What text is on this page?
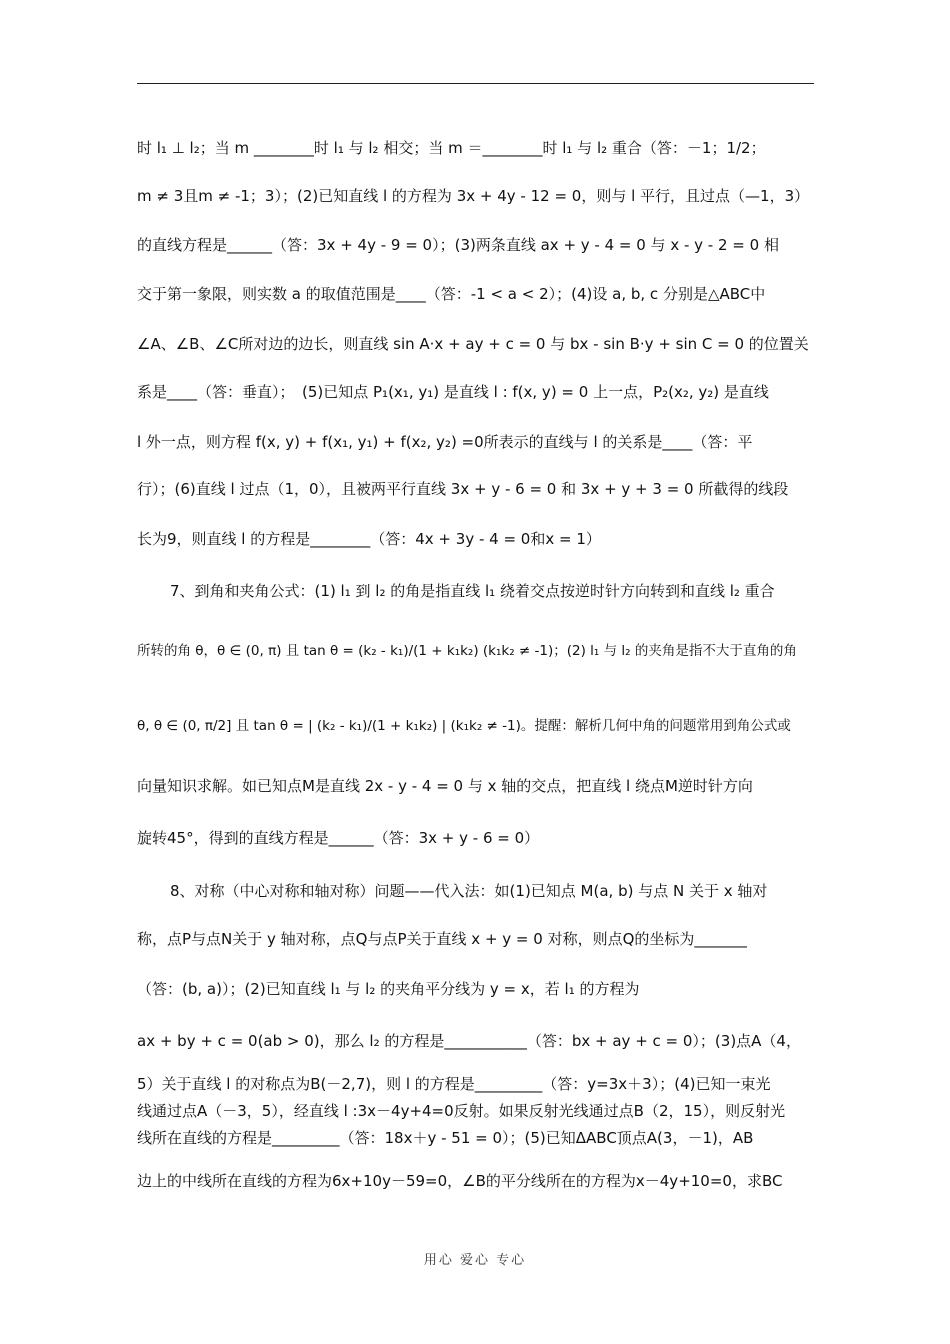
时 l₁ ⊥ l₂；当 m ________时 l₁ 与 l₂ 相交；当 m ＝________时 l₁ 与 l₂ 重合（答：－1；1/2；
m ≠ 3且m ≠ -1；3）；(2)已知直线 l 的方程为 3x + 4y - 12 = 0，则与 l 平行，且过点（—1，3）
的直线方程是______（答：3x + 4y - 9 = 0）；(3)两条直线 ax + y - 4 = 0 与 x - y - 2 = 0 相
交于第一象限，则实数 a 的取值范围是____（答：-1 < a < 2）；(4)设 a, b, c 分别是△ABC中
∠A、∠B、∠C所对边的边长，则直线 sin A·x + ay + c = 0 与 bx - sin B·y + sin C = 0 的位置关
系是____（答：垂直）；　(5)已知点 P₁(x₁, y₁) 是直线 l : f(x, y) = 0 上一点，P₂(x₂, y₂) 是直线
l 外一点，则方程 f(x, y) + f(x₁, y₁) + f(x₂, y₂) =0所表示的直线与 l 的关系是____（答：平
行）；(6)直线 l 过点（1，0），且被两平行直线 3x + y - 6 = 0 和 3x + y + 3 = 0 所截得的线段
长为9，则直线 l 的方程是________（答：4x + 3y - 4 = 0和x = 1）
7、到角和夹角公式：(1) l₁ 到 l₂ 的角是指直线 l₁ 绕着交点按逆时针方向转到和直线 l₂ 重合
所转的角 θ，θ ∈ (0, π) 且 tan θ = (k₂ - k₁)/(1 + k₁k₂) (k₁k₂ ≠ -1)；(2) l₁ 与 l₂ 的夹角是指不大于直角的角
θ, θ ∈ (0, π/2] 且 tan θ = | (k₂ - k₁)/(1 + k₁k₂) | (k₁k₂ ≠ -1)。提醒：解析几何中角的问题常用到角公式或
向量知识求解。如已知点M是直线 2x - y - 4 = 0 与 x 轴的交点，把直线 l 绕点M逆时针方向
旋转45°，得到的直线方程是______（答：3x + y - 6 = 0）
8、对称（中心对称和轴对称）问题——代入法：如(1)已知点 M(a, b) 与点 N 关于 x 轴对
称，点P与点N关于 y 轴对称，点Q与点P关于直线 x + y = 0 对称，则点Q的坐标为_______
（答：(b, a)）；(2)已知直线 l₁ 与 l₂ 的夹角平分线为 y = x，若 l₁ 的方程为
ax + by + c = 0(ab > 0)，那么 l₂ 的方程是___________（答：bx + ay + c = 0）；(3)点A（4，
5）关于直线 l 的对称点为B(－2,7)，则 l 的方程是_________（答：y=3x＋3）；(4)已知一束光
线通过点A（－3，5），经直线 l :3x－4y+4=0反射。如果反射光线通过点B（2，15），则反射光
线所在直线的方程是_________（答：18x＋y - 51 = 0）；(5)已知ΔABC顶点A(3，－1)，AB
边上的中线所在直线的方程为6x+10y－59=0，∠B的平分线所在的方程为x－4y+10=0，求BC
用心 爱心 专心
